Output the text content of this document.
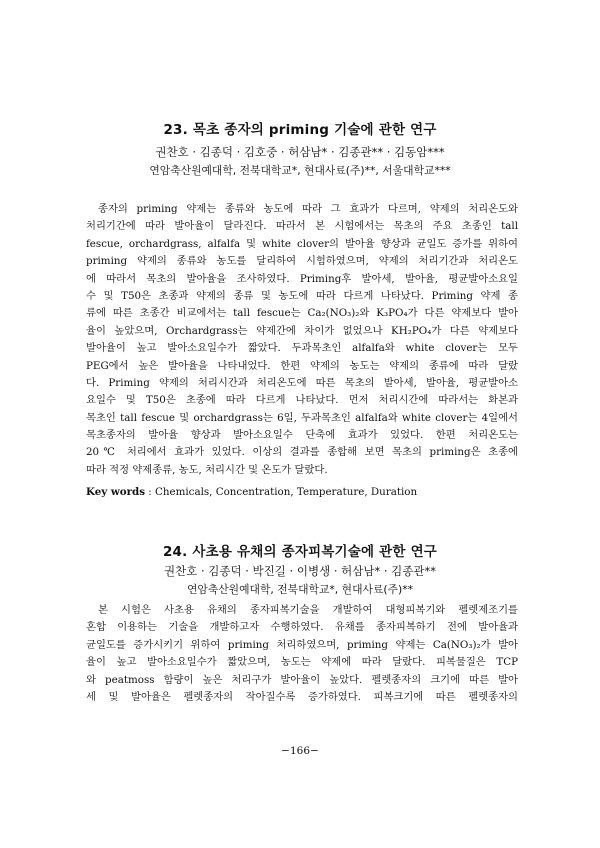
23. 목초 종자의 priming 기술에 관한 연구
권찬호 · 김종덕 · 김호중 · 허삼남* · 김종관** · 김동암***
연암축산원예대학, 전북대학교*, 현대사료(주)**, 서울대학교***
종자의 priming 약제는 종류와 농도에 따라 그 효과가 다르며, 약제의 처리온도와
처리기간에 따라 발아율이 달라진다. 따라서 본 시험에서는 목초의 주요 초종인 tall
fescue, orchardgrass, alfalfa 및 white clover의 발아율 향상과 균일도 증가를 위하여
priming 약제의 종류와 농도를 달리하여 시험하였으며, 약제의 처리기간과 처리온도
에 따라서 목초의 발아율을 조사하였다. Priming후 발아세, 발아율, 평균발아소요일
수 및 T50은 초종과 약제의 종류 및 농도에 따라 다르게 나타났다. Priming 약제 종
류에 따른 초종간 비교에서는 tall fescue는 Ca₂(NO₃)₂와 K₃PO₄가 다른 약제보다 발아
율이 높았으며, Orchardgrass는 약제간에 차이가 없었으나 KH₂PO₄가 다른 약제보다
발아율이 높고 발아소요일수가 짧았다. 두과목초인 alfalfa와 white clover는 모두
PEG에서 높은 발아율을 나타내었다. 한편 약제의 농도는 약제의 종류에 따라 달랐
다. Priming 약제의 처리시간과 처리온도에 따른 목초의 발아세, 발아율, 평균발아소
요일수 및 T50은 초종에 따라 다르게 나타났다. 먼저 처리시간에 따라서는 화본과
목초인 tall fescue 및 orchardgrass는 6일, 두과목초인 alfalfa와 white clover는 4일에서
목초종자의 발아율 향상과 발아소요일수 단축에 효과가 있었다. 한편 처리온도는
20℃ 처리에서 효과가 있었다. 이상의 결과를 종합해 보면 목초의 priming은 초종에
따라 적정 약제종류, 농도, 처리시간 및 온도가 달랐다.
Key words : Chemicals, Concentration, Temperature, Duration
24. 사초용 유채의 종자피복기술에 관한 연구
권찬호 · 김종덕 · 박진길 · 이병생 · 허삼남* · 김종관**
연암축산원예대학, 전북대학교*, 현대사료(주)**
본 시험은 사초용 유채의 종자피복기술을 개발하여 대형피복기와 펠렛제조기를
혼합 이용하는 기술을 개발하고자 수행하였다. 유채를 종자피복하기 전에 발아율과
균일도를 증가시키기 위하여 priming 처리하였으며, priming 약제는 Ca(NO₃)₂가 발아
율이 높고 발아소요일수가 짧았으며, 농도는 약제에 따라 달랐다. 피복물질은 TCP
와 peatmoss 함량이 높은 처리구가 발아율이 높았다. 펠렛종자의 크기에 따른 발아
세 및 발아율은 펠렛종자의 작아질수록 증가하였다. 피복크기에 따른 펠렛종자의
−166−
